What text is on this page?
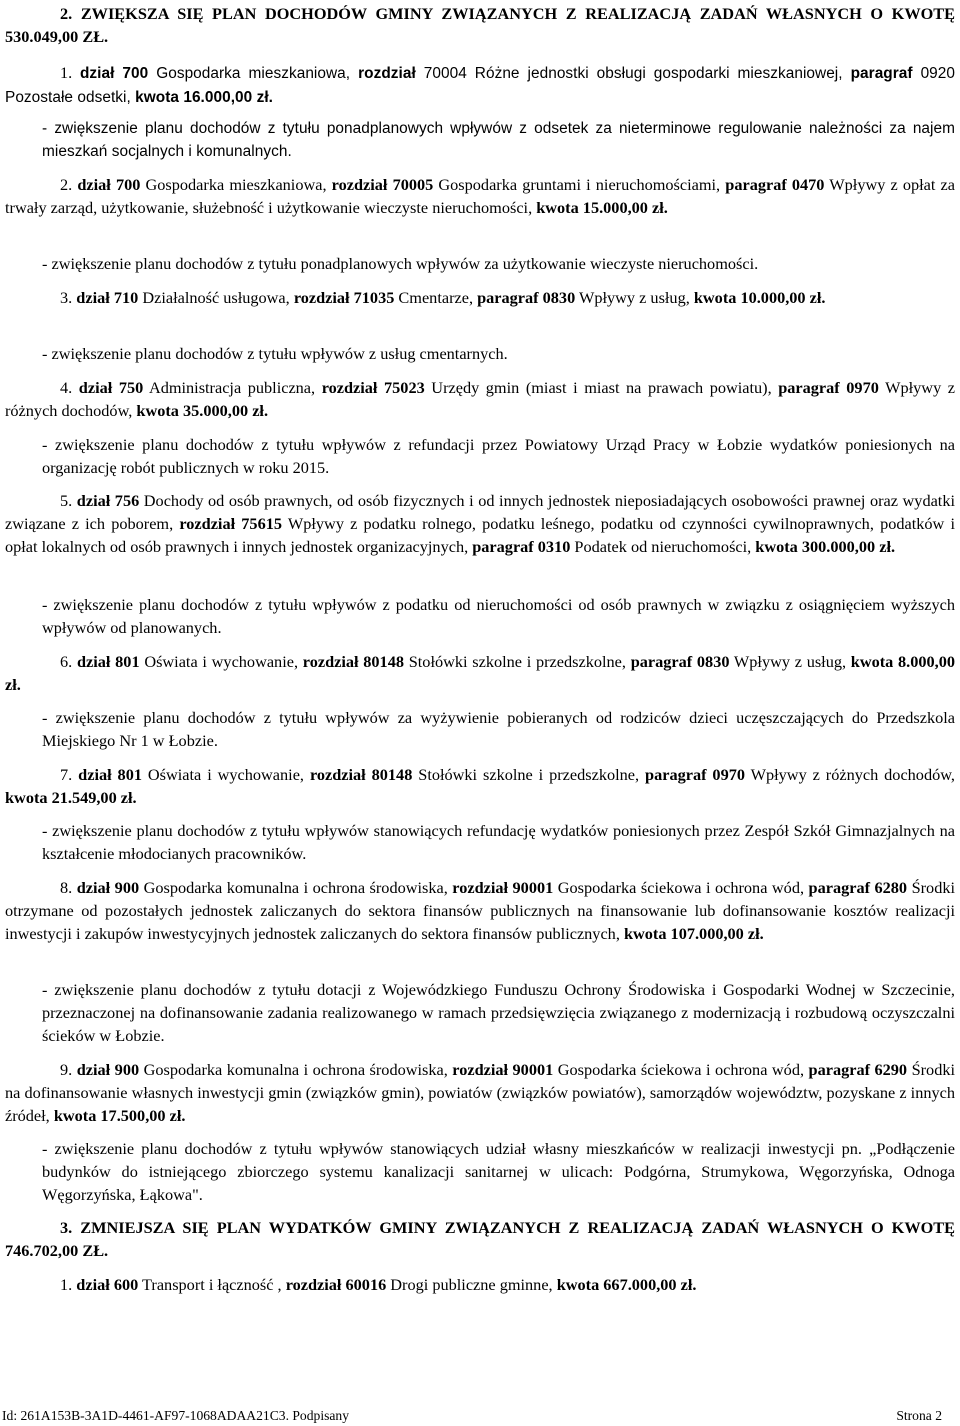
2. ZWIĘKSZA SIĘ PLAN DOCHODÓW GMINY ZWIĄZANYCH Z REALIZACJĄ ZADAŃ WŁASNYCH O KWOTĘ 530.049,00 ZŁ.
1. dział 700 Gospodarka mieszkaniowa, rozdział 70004 Różne jednostki obsługi gospodarki mieszkaniowej, paragraf 0920 Pozostałe odsetki, kwota 16.000,00 zł.
- zwiększenie planu dochodów z tytułu ponadplanowych wpływów z odsetek za nieterminowe regulowanie należności za najem mieszkań socjalnych i komunalnych.
2. dział 700 Gospodarka mieszkaniowa, rozdział 70005 Gospodarka gruntami i nieruchomościami, paragraf 0470 Wpływy z opłat za trwały zarząd, użytkowanie, służebność i użytkowanie wieczyste nieruchomości, kwota 15.000,00 zł.
- zwiększenie planu dochodów z tytułu ponadplanowych wpływów za użytkowanie wieczyste nieruchomości.
3. dział 710 Działalność usługowa, rozdział 71035 Cmentarze, paragraf 0830 Wpływy z usług, kwota 10.000,00 zł.
- zwiększenie planu dochodów z tytułu wpływów z usług cmentarnych.
4. dział 750 Administracja publiczna, rozdział 75023 Urzędy gmin (miast i miast na prawach powiatu), paragraf 0970 Wpływy z różnych dochodów, kwota 35.000,00 zł.
- zwiększenie planu dochodów z tytułu wpływów z refundacji przez Powiatowy Urząd Pracy w Łobzie wydatków poniesionych na organizację robót publicznych w roku 2015.
5. dział 756 Dochody od osób prawnych, od osób fizycznych i od innych jednostek nieposiadających osobowości prawnej oraz wydatki związane z ich poborem, rozdział 75615 Wpływy z podatku rolnego, podatku leśnego, podatku od czynności cywilnoprawnych, podatków i opłat lokalnych od osób prawnych i innych jednostek organizacyjnych, paragraf 0310 Podatek od nieruchomości, kwota 300.000,00 zł.
- zwiększenie planu dochodów z tytułu wpływów z podatku od nieruchomości od osób prawnych w związku z osiągnięciem wyższych wpływów od planowanych.
6. dział 801 Oświata i wychowanie, rozdział 80148 Stołówki szkolne i przedszkolne, paragraf 0830 Wpływy z usług, kwota 8.000,00 zł.
- zwiększenie planu dochodów z tytułu wpływów za wyżywienie pobieranych od rodziców dzieci uczęszczających do Przedszkola Miejskiego Nr 1 w Łobzie.
7. dział 801 Oświata i wychowanie, rozdział 80148 Stołówki szkolne i przedszkolne, paragraf 0970 Wpływy z różnych dochodów, kwota 21.549,00 zł.
- zwiększenie planu dochodów z tytułu wpływów stanowiących refundację wydatków poniesionych przez Zespół Szkół Gimnazjalnych na kształcenie młodocianych pracowników.
8. dział 900 Gospodarka komunalna i ochrona środowiska, rozdział 90001 Gospodarka ściekowa i ochrona wód, paragraf 6280 Środki otrzymane od pozostałych jednostek zaliczanych do sektora finansów publicznych na finansowanie lub dofinansowanie kosztów realizacji inwestycji i zakupów inwestycyjnych jednostek zaliczanych do sektora finansów publicznych, kwota 107.000,00 zł.
- zwiększenie planu dochodów z tytułu dotacji z Wojewódzkiego Funduszu Ochrony Środowiska i Gospodarki Wodnej w Szczecinie, przeznaczonej na dofinansowanie zadania realizowanego w ramach przedsięwzięcia związanego z modernizacją i rozbudową oczyszczalni ścieków w Łobzie.
9. dział 900 Gospodarka komunalna i ochrona środowiska, rozdział 90001 Gospodarka ściekowa i ochrona wód, paragraf 6290 Środki na dofinansowanie własnych inwestycji gmin (związków gmin), powiatów (związków powiatów), samorządów województw, pozyskane z innych źródeł, kwota 17.500,00 zł.
- zwiększenie planu dochodów z tytułu wpływów stanowiących udział własny mieszkańców w realizacji inwestycji pn. „Podłączenie budynków do istniejącego zbiorczego systemu kanalizacji sanitarnej w ulicach: Podgórna, Strumykowa, Węgorzyńska, Odnoga Węgorzyńska, Łąkowa".
3. ZMNIEJSZA SIĘ PLAN WYDATKÓW GMINY ZWIĄZANYCH Z REALIZACJĄ ZADAŃ WŁASNYCH O KWOTĘ 746.702,00 ZŁ.
1. dział 600 Transport i łączność , rozdział 60016 Drogi publiczne gminne, kwota 667.000,00 zł.
Id: 261A153B-3A1D-4461-AF97-1068ADAA21C3. Podpisany	Strona 2
